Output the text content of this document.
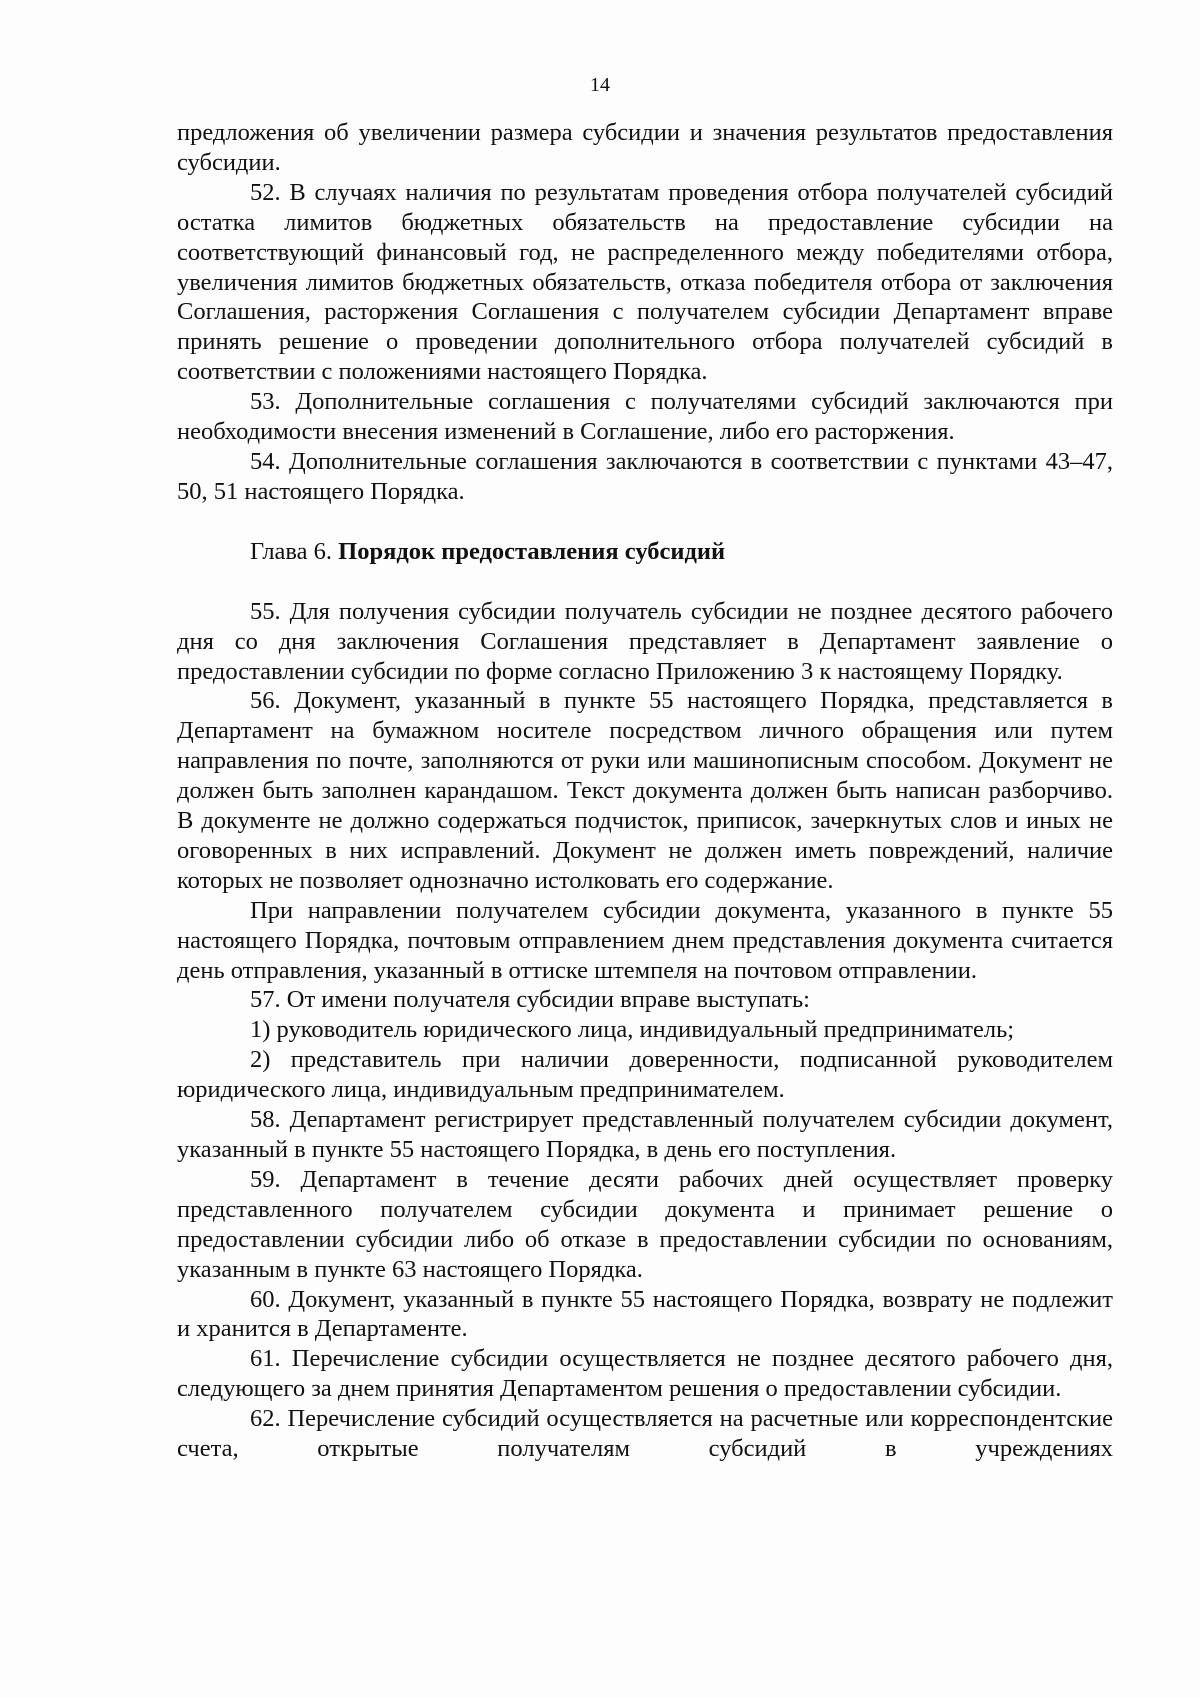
14

предложения об увеличении размера субсидии и значения результатов предоставления субсидии.

52. В случаях наличия по результатам проведения отбора получателей субсидий остатка лимитов бюджетных обязательств на предоставление субсидии на соответствующий финансовый год, не распределенного между победителями отбора, увеличения лимитов бюджетных обязательств, отказа победителя отбора от заключения Соглашения, расторжения Соглашения с получателем субсидии Департамент вправе принять решение о проведении дополнительного отбора получателей субсидий в соответствии с положениями настоящего Порядка.

53. Дополнительные соглашения с получателями субсидий заключаются при необходимости внесения изменений в Соглашение, либо его расторжения.

54. Дополнительные соглашения заключаются в соответствии с пунктами 43–47, 50, 51 настоящего Порядка.

Глава 6. Порядок предоставления субсидий

55. Для получения субсидии получатель субсидии не позднее десятого рабочего дня со дня заключения Соглашения представляет в Департамент заявление о предоставлении субсидии по форме согласно Приложению 3 к настоящему Порядку.

56. Документ, указанный в пункте 55 настоящего Порядка, представляется в Департамент на бумажном носителе посредством личного обращения или путем направления по почте, заполняются от руки или машинописным способом. Документ не должен быть заполнен карандашом. Текст документа должен быть написан разборчиво. В документе не должно содержаться подчисток, приписок, зачеркнутых слов и иных не оговоренных в них исправлений. Документ не должен иметь повреждений, наличие которых не позволяет однозначно истолковать его содержание.

При направлении получателем субсидии документа, указанного в пункте 55 настоящего Порядка, почтовым отправлением днем представления документа считается день отправления, указанный в оттиске штемпеля на почтовом отправлении.

57. От имени получателя субсидии вправе выступать:

1) руководитель юридического лица, индивидуальный предприниматель;

2) представитель при наличии доверенности, подписанной руководителем юридического лица, индивидуальным предпринимателем.

58. Департамент регистрирует представленный получателем субсидии документ, указанный в пункте 55 настоящего Порядка, в день его поступления.

59. Департамент в течение десяти рабочих дней осуществляет проверку представленного получателем субсидии документа и принимает решение о предоставлении субсидии либо об отказе в предоставлении субсидии по основаниям, указанным в пункте 63 настоящего Порядка.

60. Документ, указанный в пункте 55 настоящего Порядка, возврату не подлежит и хранится в Департаменте.

61. Перечисление субсидии осуществляется не позднее десятого рабочего дня, следующего за днем принятия Департаментом решения о предоставлении субсидии.

62. Перечисление субсидий осуществляется на расчетные или корреспондентские счета, открытые получателям субсидий в учреждениях
